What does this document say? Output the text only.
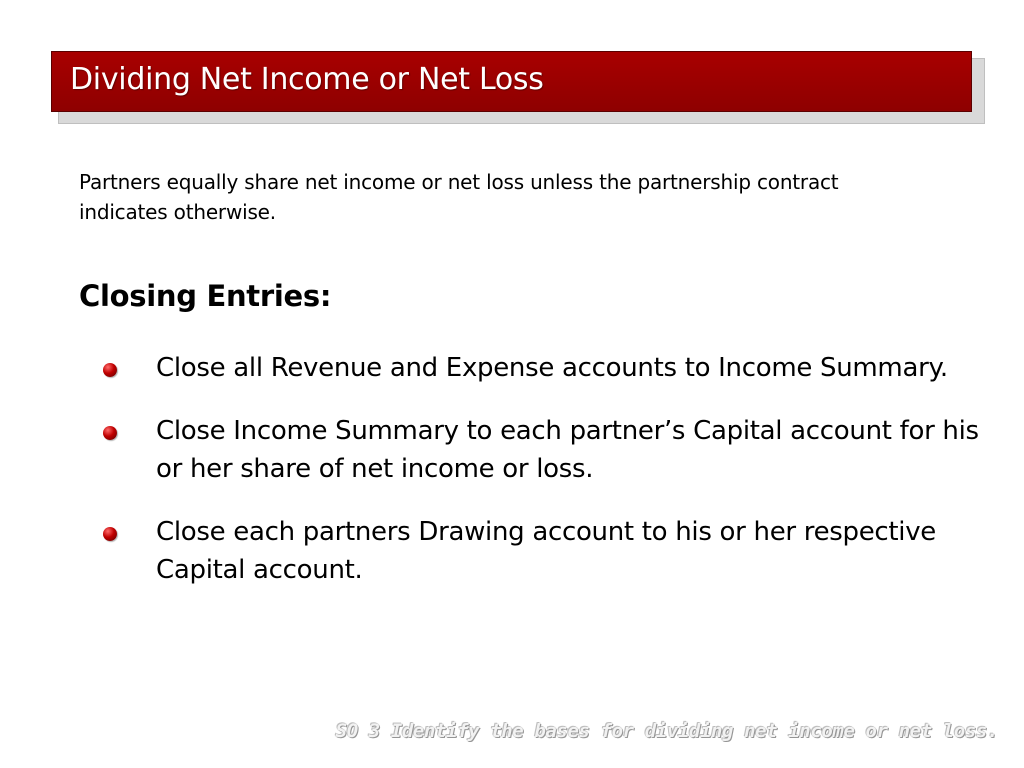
Dividing Net Income or Net Loss
Partners equally share net income or net loss unless the partnership contract indicates otherwise.
Closing Entries:
Close all Revenue and Expense accounts to Income Summary.
Close Income Summary to each partner’s Capital account for his or her share of net income or loss.
Close each partners Drawing account to his or her respective Capital account.
SO 3 Identify the bases for dividing net income or net loss.
